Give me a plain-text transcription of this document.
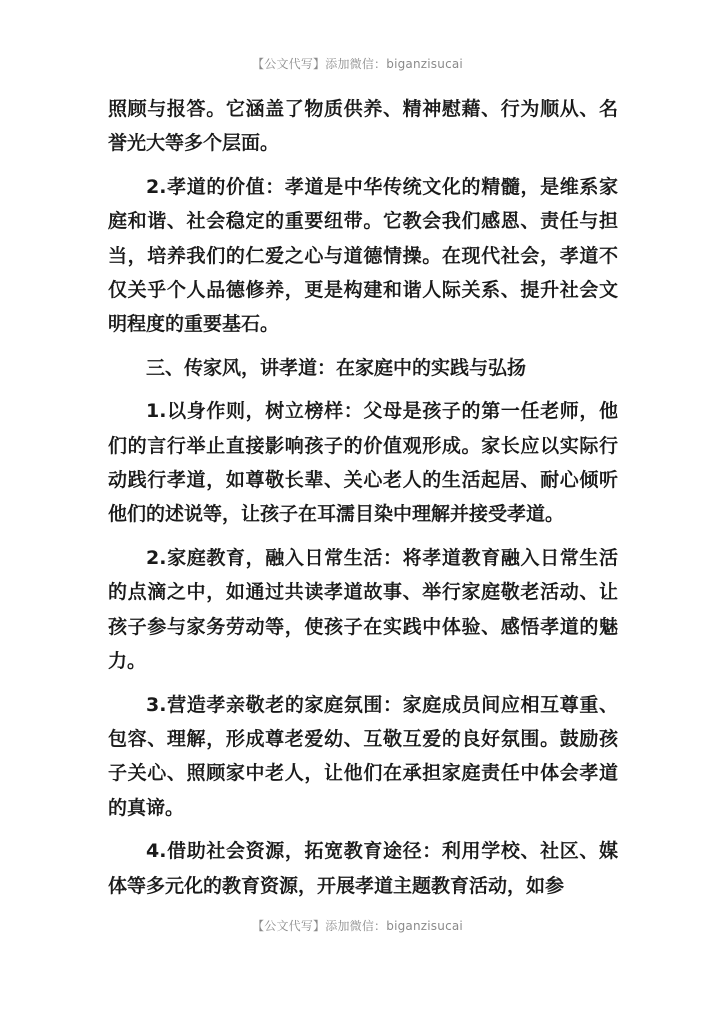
【公文代写】添加微信：biganzisucai

照顾与报答。它涵盖了物质供养、精神慰藉、行为顺从、名誉光大等多个层面。

2.孝道的价值：孝道是中华传统文化的精髓，是维系家庭和谐、社会稳定的重要纽带。它教会我们感恩、责任与担当，培养我们的仁爱之心与道德情操。在现代社会，孝道不仅关乎个人品德修养，更是构建和谐人际关系、提升社会文明程度的重要基石。

三、传家风，讲孝道：在家庭中的实践与弘扬

1.以身作则，树立榜样：父母是孩子的第一任老师，他们的言行举止直接影响孩子的价值观形成。家长应以实际行动践行孝道，如尊敬长辈、关心老人的生活起居、耐心倾听他们的述说等，让孩子在耳濡目染中理解并接受孝道。

2.家庭教育，融入日常生活：将孝道教育融入日常生活的点滴之中，如通过共读孝道故事、举行家庭敬老活动、让孩子参与家务劳动等，使孩子在实践中体验、感悟孝道的魅力。

3.营造孝亲敬老的家庭氛围：家庭成员间应相互尊重、包容、理解，形成尊老爱幼、互敬互爱的良好氛围。鼓励孩子关心、照顾家中老人，让他们在承担家庭责任中体会孝道的真谛。

4.借助社会资源，拓宽教育途径：利用学校、社区、媒体等多元化的教育资源，开展孝道主题教育活动，如参

【公文代写】添加微信：biganzisucai
